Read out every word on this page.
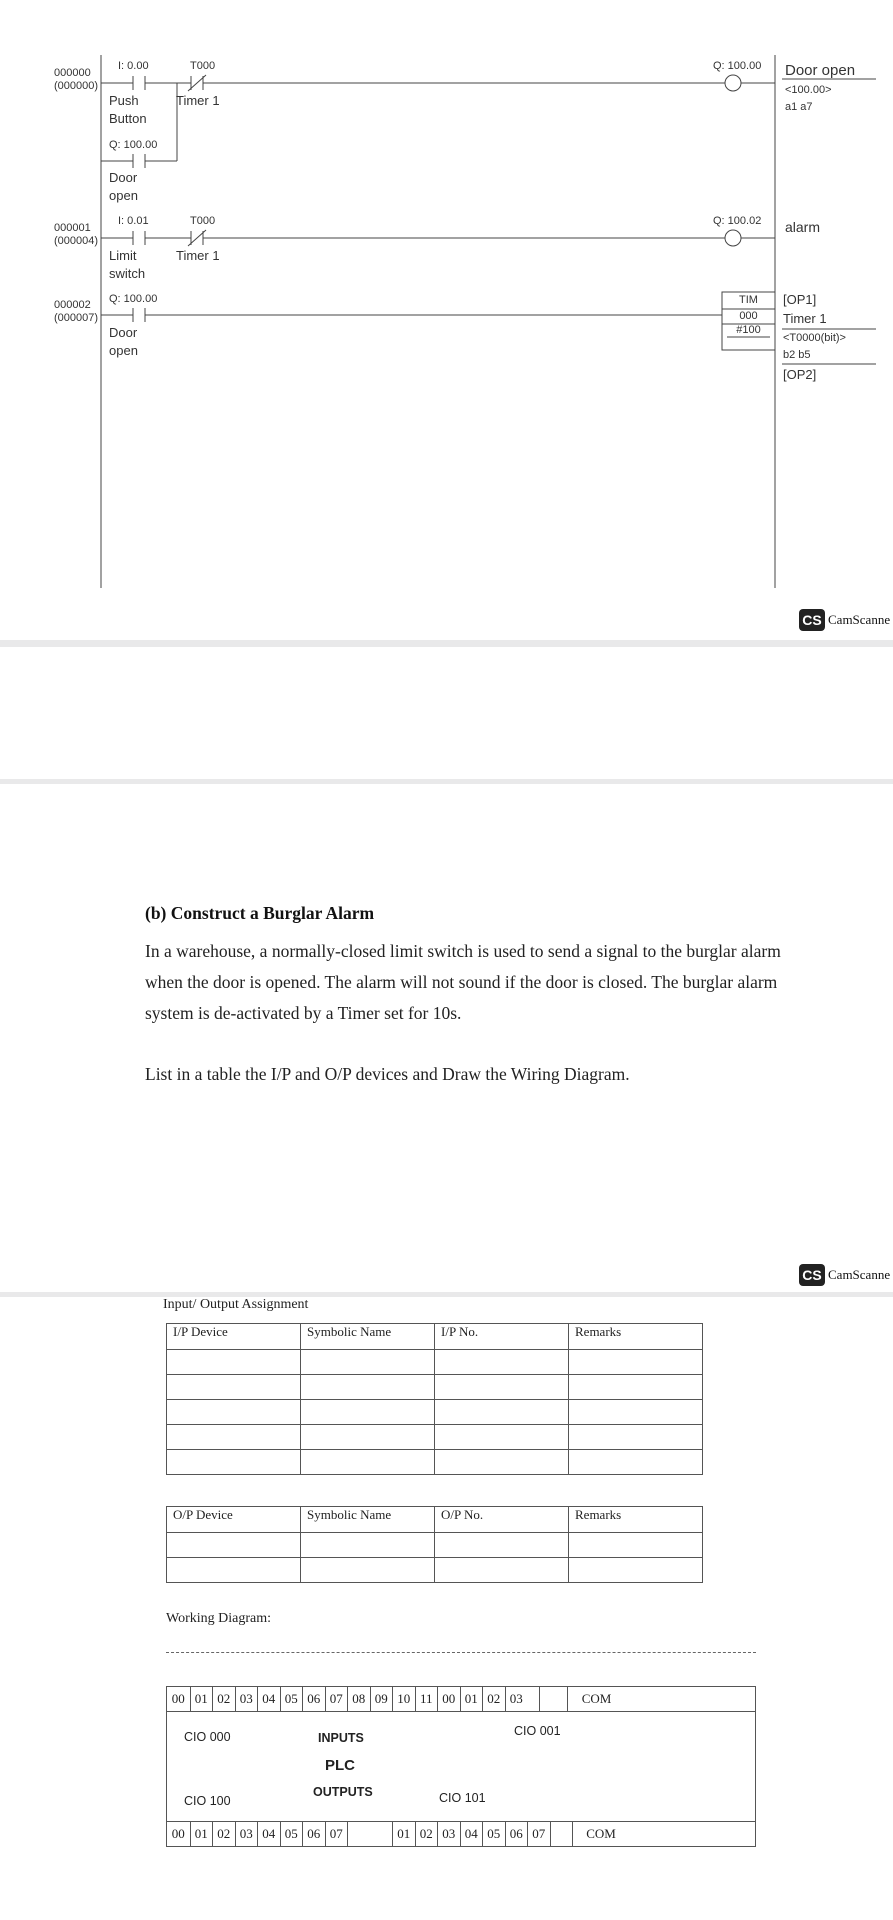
000000
(000000)
000001
(000004)
000002
(000007)
I: 0.00
Push
Button
T000
Timer 1
Q: 100.00
Door
open
Q: 100.00 Door open
<100.00>
a1 a7
I: 0.01
Limit
switch
T000
Timer 1
Q: 100.02 alarm
Q: 100.00
Door
open
TIM
000
#100
[OP1]
Timer 1
<T0000(bit)>
b2 b5
[OP2]
CS CamScanne
(b) Construct a Burglar Alarm
In a warehouse, a normally-closed limit switch is used to send a signal to the burglar alarm
when the door is opened. The alarm will not sound if the door is closed. The burglar alarm
system is de-activated by a Timer set for 10s.
List in a table the I/P and O/P devices and Draw the Wiring Diagram.
CS CamScanne
Input/ Output Assignment
I/P Device	Symbolic Name	I/P No.	Remarks

O/P Device	Symbolic Name	O/P No.	Remarks

Working Diagram:
00 01 02 03 04 05 06 07 08 09 10 11 00 01 02 03	COM
00 01 02 03 04 05 06 07	01 02 03 04 05 06 07	COM
CIO 000	INPUTS	CIO 001
PLC
OUTPUTS
CIO 100	CIO 101
